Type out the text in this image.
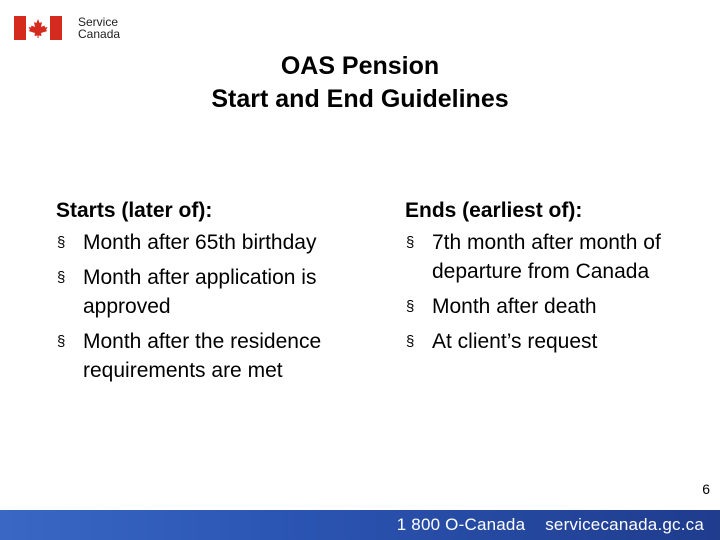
Service
Canada
OAS Pension
Start and End Guidelines
Starts (later of):
§ Month after 65th birthday
§ Month after application is approved
§ Month after the residence requirements are met
Ends (earliest of):
§ 7th month after month of departure from Canada
§ Month after death
§ At client’s request
6
1 800 O-Canada servicecanada.gc.ca
